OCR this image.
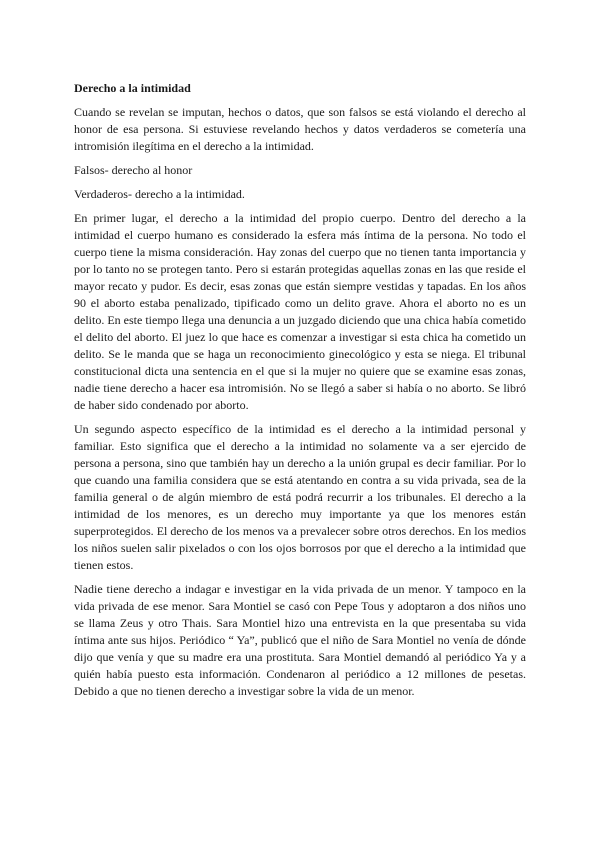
Derecho a la intimidad

Cuando se revelan se imputan, hechos o datos, que son falsos se está violando el derecho al honor de esa persona. Si estuviese revelando hechos y datos verdaderos se cometería una intromisión ilegítima en el derecho a la intimidad.

Falsos- derecho al honor

Verdaderos- derecho a la intimidad.

En primer lugar, el derecho a la intimidad del propio cuerpo. Dentro del derecho a la intimidad el cuerpo humano es considerado la esfera más íntima de la persona. No todo el cuerpo tiene la misma consideración. Hay zonas del cuerpo que no tienen tanta importancia y por lo tanto no se protegen tanto. Pero si estarán protegidas aquellas zonas en las que reside el mayor recato y pudor. Es decir, esas zonas que están siempre vestidas y tapadas. En los años 90 el aborto estaba penalizado, tipificado como un delito grave. Ahora el aborto no es un delito. En este tiempo llega una denuncia a un juzgado diciendo que una chica había cometido el delito del aborto. El juez lo que hace es comenzar a investigar si esta chica ha cometido un delito. Se le manda que se haga un reconocimiento ginecológico y esta se niega. El tribunal constitucional dicta una sentencia en el que si la mujer no quiere que se examine esas zonas, nadie tiene derecho a hacer esa intromisión. No se llegó a saber si había o no aborto. Se libró de haber sido condenado por aborto.

Un segundo aspecto específico de la intimidad es el derecho a la intimidad personal y familiar. Esto significa que el derecho a la intimidad no solamente va a ser ejercido de persona a persona, sino que también hay un derecho a la unión grupal es decir familiar. Por lo que cuando una familia considera que se está atentando en contra a su vida privada, sea de la familia general o de algún miembro de está podrá recurrir a los tribunales. El derecho a la intimidad de los menores, es un derecho muy importante ya que los menores están superprotegidos. El derecho de los menos va a prevalecer sobre otros derechos. En los medios los niños suelen salir pixelados o con los ojos borrosos por que el derecho a la intimidad que tienen estos.

Nadie tiene derecho a indagar e investigar en la vida privada de un menor. Y tampoco en la vida privada de ese menor. Sara Montiel se casó con Pepe Tous y adoptaron a dos niños uno se llama Zeus y otro Thais. Sara Montiel hizo una entrevista en la que presentaba su vida íntima ante sus hijos. Periódico “ Ya”, publicó que el niño de Sara Montiel no venía de dónde dijo que venía y que su madre era una prostituta. Sara Montiel demandó al periódico Ya y a quién había puesto esta información. Condenaron al periódico a 12 millones de pesetas. Debido a que no tienen derecho a investigar sobre la vida de un menor.
